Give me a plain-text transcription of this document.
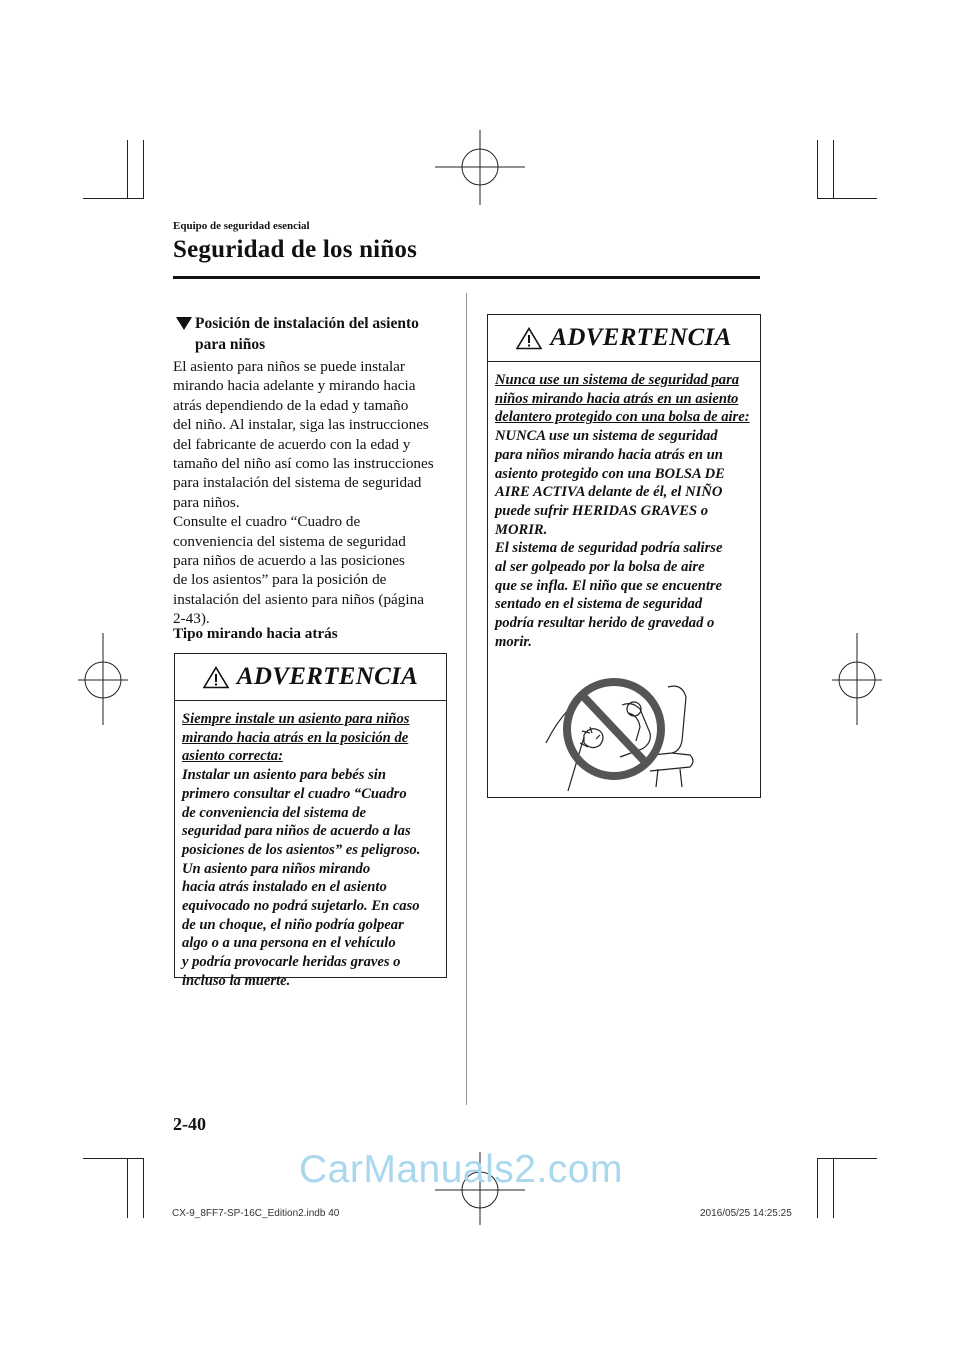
Equipo de seguridad esencial
Seguridad de los niños
Posición de instalación del asiento
para niños
El asiento para niños se puede instalar
mirando hacia adelante y mirando hacia
atrás dependiendo de la edad y tamaño
del niño. Al instalar, siga las instrucciones
del fabricante de acuerdo con la edad y
tamaño del niño así como las instrucciones
para instalación del sistema de seguridad
para niños.
Consulte el cuadro “Cuadro de
conveniencia del sistema de seguridad
para niños de acuerdo a las posiciones
de los asientos” para la posición de
instalación del asiento para niños (página
2-43).
Tipo mirando hacia atrás
ADVERTENCIA
Siempre instale un asiento para niños mirando hacia atrás en la posición de asiento correcta:
Instalar un asiento para bebés sin
primero consultar el cuadro “Cuadro
de conveniencia del sistema de
seguridad para niños de acuerdo a las
posiciones de los asientos” es peligroso.
Un asiento para niños mirando
hacia atrás instalado en el asiento
equivocado no podrá sujetarlo. En caso
de un choque, el niño podría golpear
algo o a una persona en el vehículo
y podría provocarle heridas graves o
incluso la muerte.
ADVERTENCIA
Nunca use un sistema de seguridad para niños mirando hacia atrás en un asiento delantero protegido con una bolsa de aire:
NUNCA use un sistema de seguridad
para niños mirando hacia atrás en un
asiento protegido con una BOLSA DE
AIRE ACTIVA delante de él, el NIÑO
puede sufrir HERIDAS GRAVES o
MORIR.
El sistema de seguridad podría salirse
al ser golpeado por la bolsa de aire
que se infla. El niño que se encuentre
sentado en el sistema de seguridad
podría resultar herido de gravedad o
morir.
2-40
CarManuals2.com
CX-9_8FF7-SP-16C_Edition2.indb 40	2016/05/25 14:25:25
